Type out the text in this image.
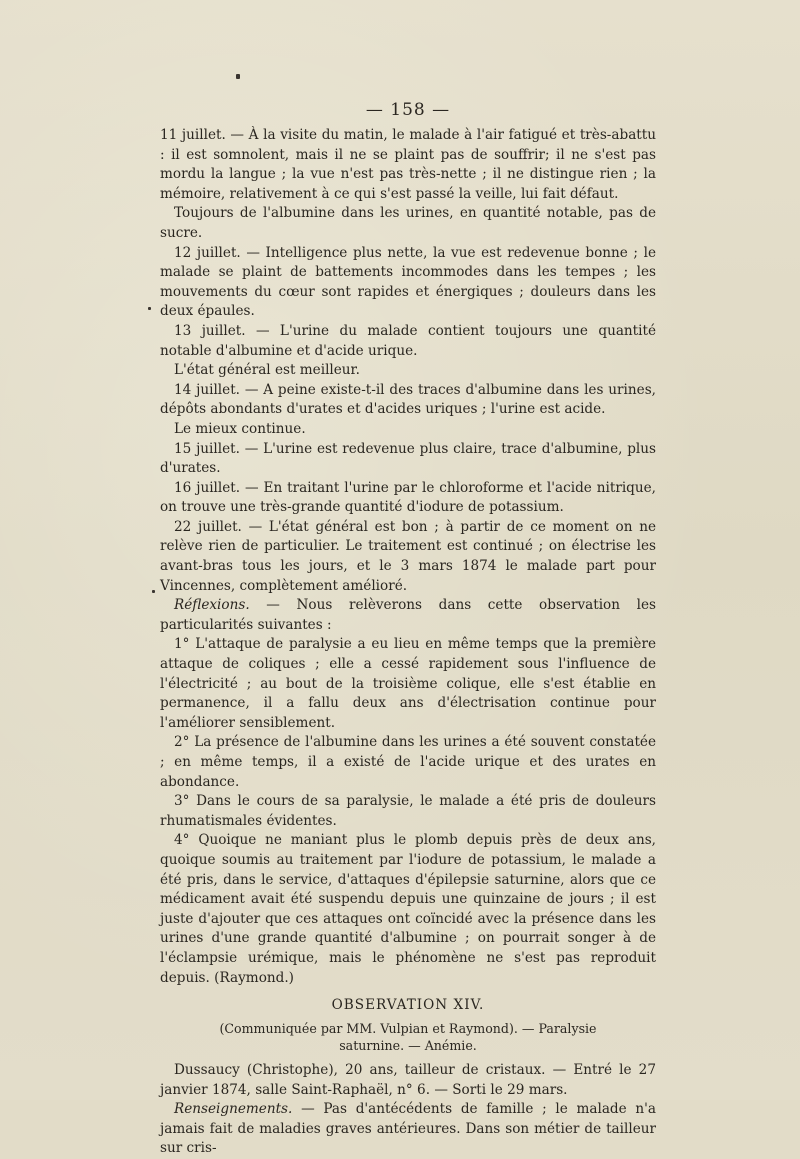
— 158 —

11 juillet. — À la visite du matin, le malade à l'air fatigué et très-abattu : il est somnolent, mais il ne se plaint pas de souffrir; il ne s'est pas mordu la langue ; la vue n'est pas très-nette ; il ne distingue rien ; la mémoire, relativement à ce qui s'est passé la veille, lui fait défaut.

Toujours de l'albumine dans les urines, en quantité notable, pas de sucre.

12 juillet. — Intelligence plus nette, la vue est redevenue bonne ; le malade se plaint de battements incommodes dans les tempes ; les mouvements du cœur sont rapides et énergiques ; douleurs dans les deux épaules.

13 juillet. — L'urine du malade contient toujours une quantité notable d'albumine et d'acide urique.

L'état général est meilleur.

14 juillet. — A peine existe-t-il des traces d'albumine dans les urines, dépôts abondants d'urates et d'acides uriques ; l'urine est acide.

Le mieux continue.

15 juillet. — L'urine est redevenue plus claire, trace d'albumine, plus d'urates.

16 juillet. — En traitant l'urine par le chloroforme et l'acide nitrique, on trouve une très-grande quantité d'iodure de potassium.

22 juillet. — L'état général est bon ; à partir de ce moment on ne relève rien de particulier. Le traitement est continué ; on électrise les avant-bras tous les jours, et le 3 mars 1874 le malade part pour Vincennes, complètement amélioré.

Réflexions. — Nous relèverons dans cette observation les particularités suivantes :

1° L'attaque de paralysie a eu lieu en même temps que la première attaque de coliques ; elle a cessé rapidement sous l'influence de l'électricité ; au bout de la troisième colique, elle s'est établie en permanence, il a fallu deux ans d'électrisation continue pour l'améliorer sensiblement.

2° La présence de l'albumine dans les urines a été souvent constatée ; en même temps, il a existé de l'acide urique et des urates en abondance.

3° Dans le cours de sa paralysie, le malade a été pris de douleurs rhumatismales évidentes.

4° Quoique ne maniant plus le plomb depuis près de deux ans, quoique soumis au traitement par l'iodure de potassium, le malade a été pris, dans le service, d'attaques d'épilepsie saturnine, alors que ce médicament avait été suspendu depuis une quinzaine de jours ; il est juste d'ajouter que ces attaques ont coïncidé avec la présence dans les urines d'une grande quantité d'albumine ; on pourrait songer à de l'éclampsie urémique, mais le phénomène ne s'est pas reproduit depuis. (Raymond.)

OBSERVATION XIV.
(Communiquée par MM. Vulpian et Raymond). — Paralysie saturnine. — Anémie.

Dussaucy (Christophe), 20 ans, tailleur de cristaux. — Entré le 27 janvier 1874, salle Saint-Raphaël, n° 6. — Sorti le 29 mars.

Renseignements. — Pas d'antécédents de famille ; le malade n'a jamais fait de maladies graves antérieures. Dans son métier de tailleur sur cris-
